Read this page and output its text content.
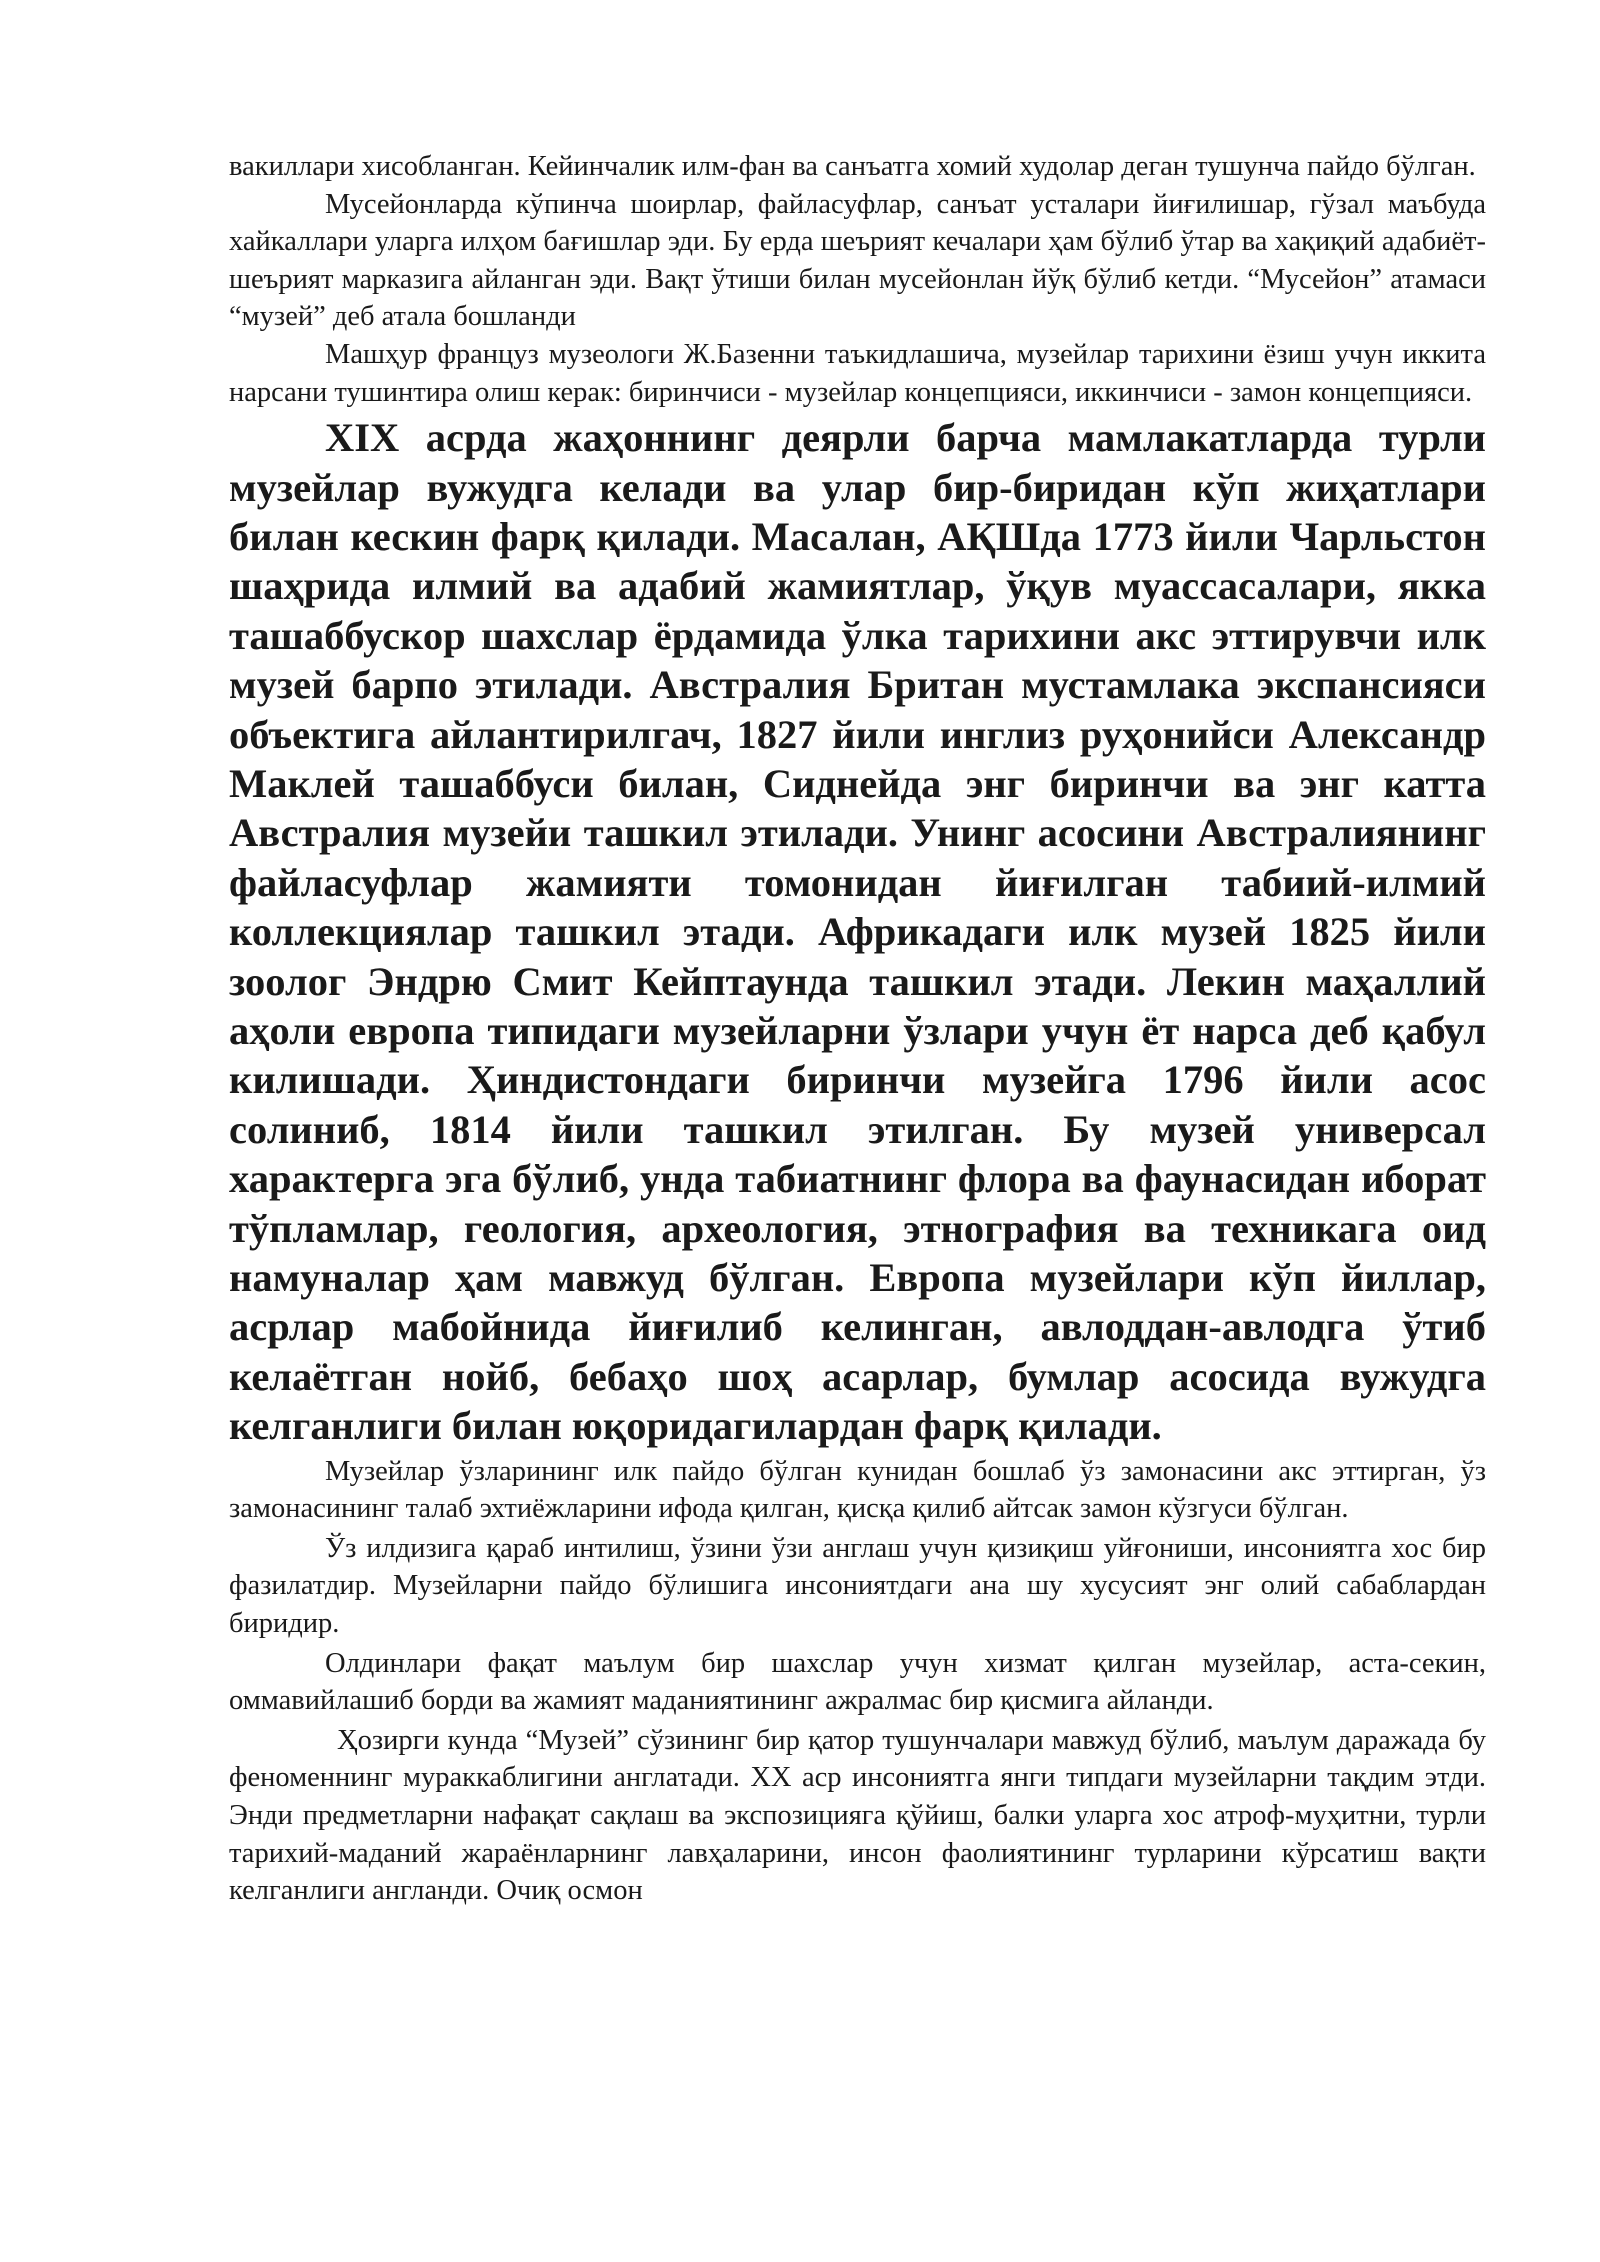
вакиллари хисобланган. Кейинчалик илм-фан ва санъатга хомий худолар деган тушунча пайдо бўлган.

Мусейонларда кўпинча шоирлар, файласуфлар, санъат усталари йиғилишар, гўзал маъбуда хайкаллари уларга илҳом бағишлар эди. Бу ерда шеърият кечалари ҳам бўлиб ўтар ва хақиқий адабиёт-шеърият марказига айланган эди. Вақт ўтиши билан мусейонлан йўқ бўлиб кетди. “Мусейон” атамаси “музей” деб атала бошланди

Машҳур француз музеологи Ж.Базенни таъкидлашича, музейлар тарихини ёзиш учун иккита нарсани тушинтира олиш керак: биринчиси - музейлар концепцияси, иккинчиси - замон концепцияси.

XIX асрда жаҳоннинг деярли барча мамлакатларда турли музейлар вужудга келади ва улар бир-биридан кўп жиҳатлари билан кескин фарқ қилади. Масалан, АҚШда 1773 йили Чарльстон шаҳрида илмий ва адабий жамиятлар, ўқув муассасалари, якка ташаббускор шахслар ёрдамида ўлка тарихини акс эттирувчи илк музей барпо этилади. Австралия Британ мустамлака экспансияси объектига айлантирилгач, 1827 йили инглиз руҳонийси Александр Маклей ташаббуси билан, Сиднейда энг биринчи ва энг катта Австралия музейи ташкил этилади. Унинг асосини Австралиянинг файласуфлар жамияти томонидан йиғилган табиий-илмий коллекциялар ташкил этади. Африкадаги илк музей 1825 йили зоолог Эндрю Смит Кейптаунда ташкил этади. Лекин маҳаллий аҳоли европа типидаги музейларни ўзлари учун ёт нарса деб қабул килишади. Ҳиндистондаги биринчи музейга 1796 йили асос солиниб, 1814 йили ташкил этилган. Бу музей универсал характерга эга бўлиб, унда табиатнинг флора ва фаунасидан иборат тўпламлар, геология, археология, этнография ва техникага оид намуналар ҳам мавжуд бўлган. Европа музейлари кўп йиллар, асрлар мабойнида йиғилиб келинган, авлоддан-авлодга ўтиб келаётган нойб, бебаҳо шоҳ асарлар, бумлар асосида вужудга келганлиги билан юқоридагилардан фарқ қилади.

Музейлар ўзларининг илк пайдо бўлган кунидан бошлаб ўз замонасини акс эттирган, ўз замонасининг талаб эхтиёжларини ифода қилган, қисқа қилиб айтсак замон кўзгуси бўлган.

Ўз илдизига қараб интилиш, ўзини ўзи англаш учун қизиқиш уйғониши, инсониятга хос бир фазилатдир. Музейларни пайдо бўлишига инсониятдаги ана шу хусусият энг олий сабаблардан биридир.

Олдинлари фақат маълум бир шахслар учун хизмат қилган музейлар, аста-секин, оммавийлашиб борди ва жамият маданиятининг ажралмас бир қисмига айланди.

Ҳозирги кунда “Музей” сўзининг бир қатор тушунчалари мавжуд бўлиб, маълум даражада бу феноменнинг мураккаблигини англатади. XX аср инсониятга янги типдаги музейларни тақдим этди. Энди предметларни нафақат сақлаш ва экспозицияга қўйиш, балки уларга хос атроф-муҳитни, турли тарихий-маданий жараёнларнинг лавҳаларини, инсон фаолиятининг турларини кўрсатиш вақти келганлиги англанди. Очиқ осмон
